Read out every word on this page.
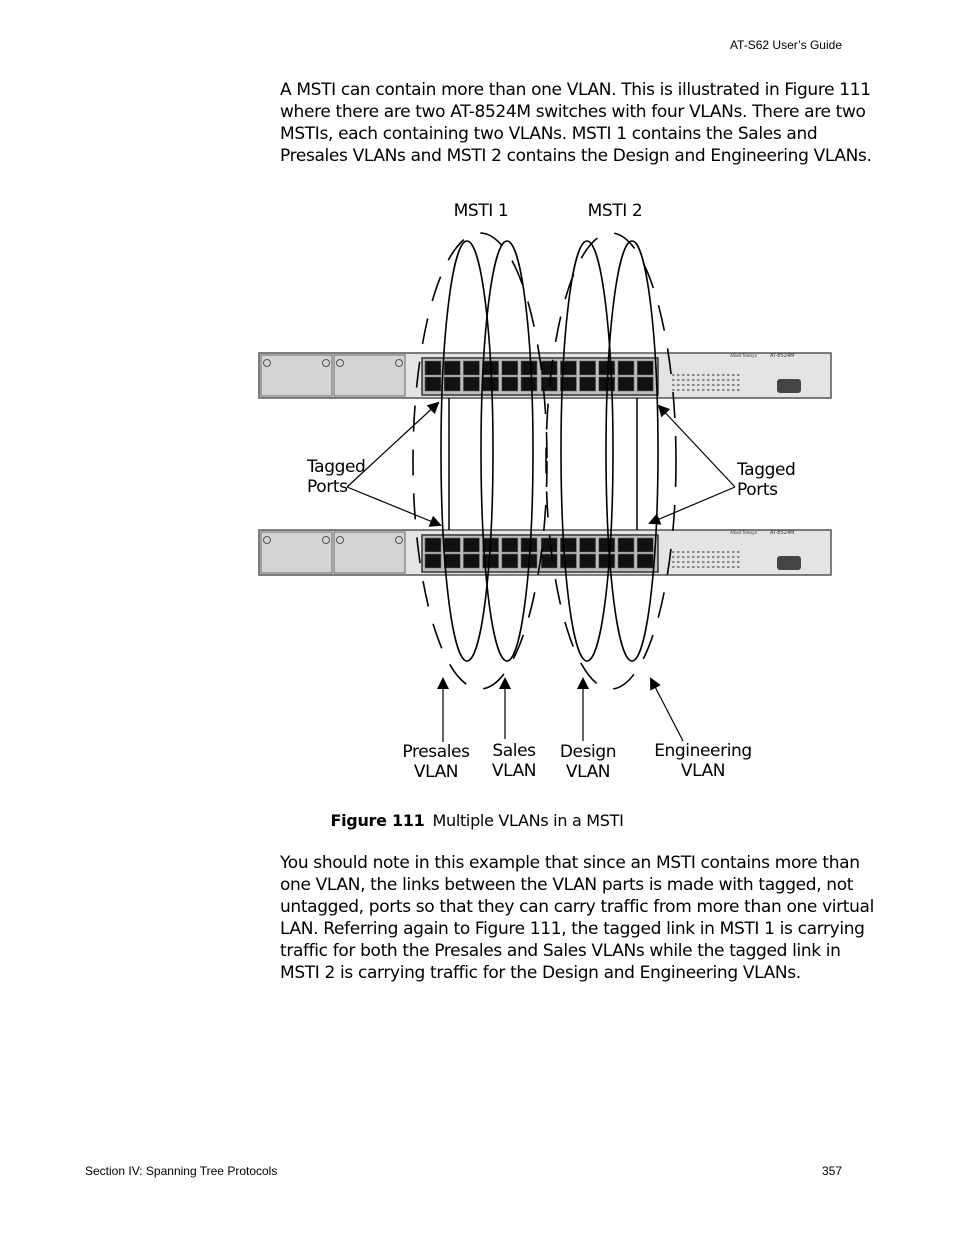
AT-S62 User’s Guide
A MSTI can contain more than one VLAN. This is illustrated in Figure 111
where there are two AT-8524M switches with four VLANs. There are two
MSTIs, each containing two VLANs. MSTI 1 contains the Sales and
Presales VLANs and MSTI 2 contains the Design and Engineering VLANs.
AT-8524M
Allied Telesyn
AT-8524M
Allied Telesyn
MSTI 1	MSTI 2
Tagged
Ports
Tagged
Ports
Presales
VLAN
Sales
VLAN
Design
VLAN
Engineering
VLAN
Figure 111 Multiple VLANs in a MSTI
You should note in this example that since an MSTI contains more than
one VLAN, the links between the VLAN parts is made with tagged, not
untagged, ports so that they can carry traffic from more than one virtual
LAN. Referring again to Figure 111, the tagged link in MSTI 1 is carrying
traffic for both the Presales and Sales VLANs while the tagged link in
MSTI 2 is carrying traffic for the Design and Engineering VLANs.
Section IV: Spanning Tree Protocols	357
